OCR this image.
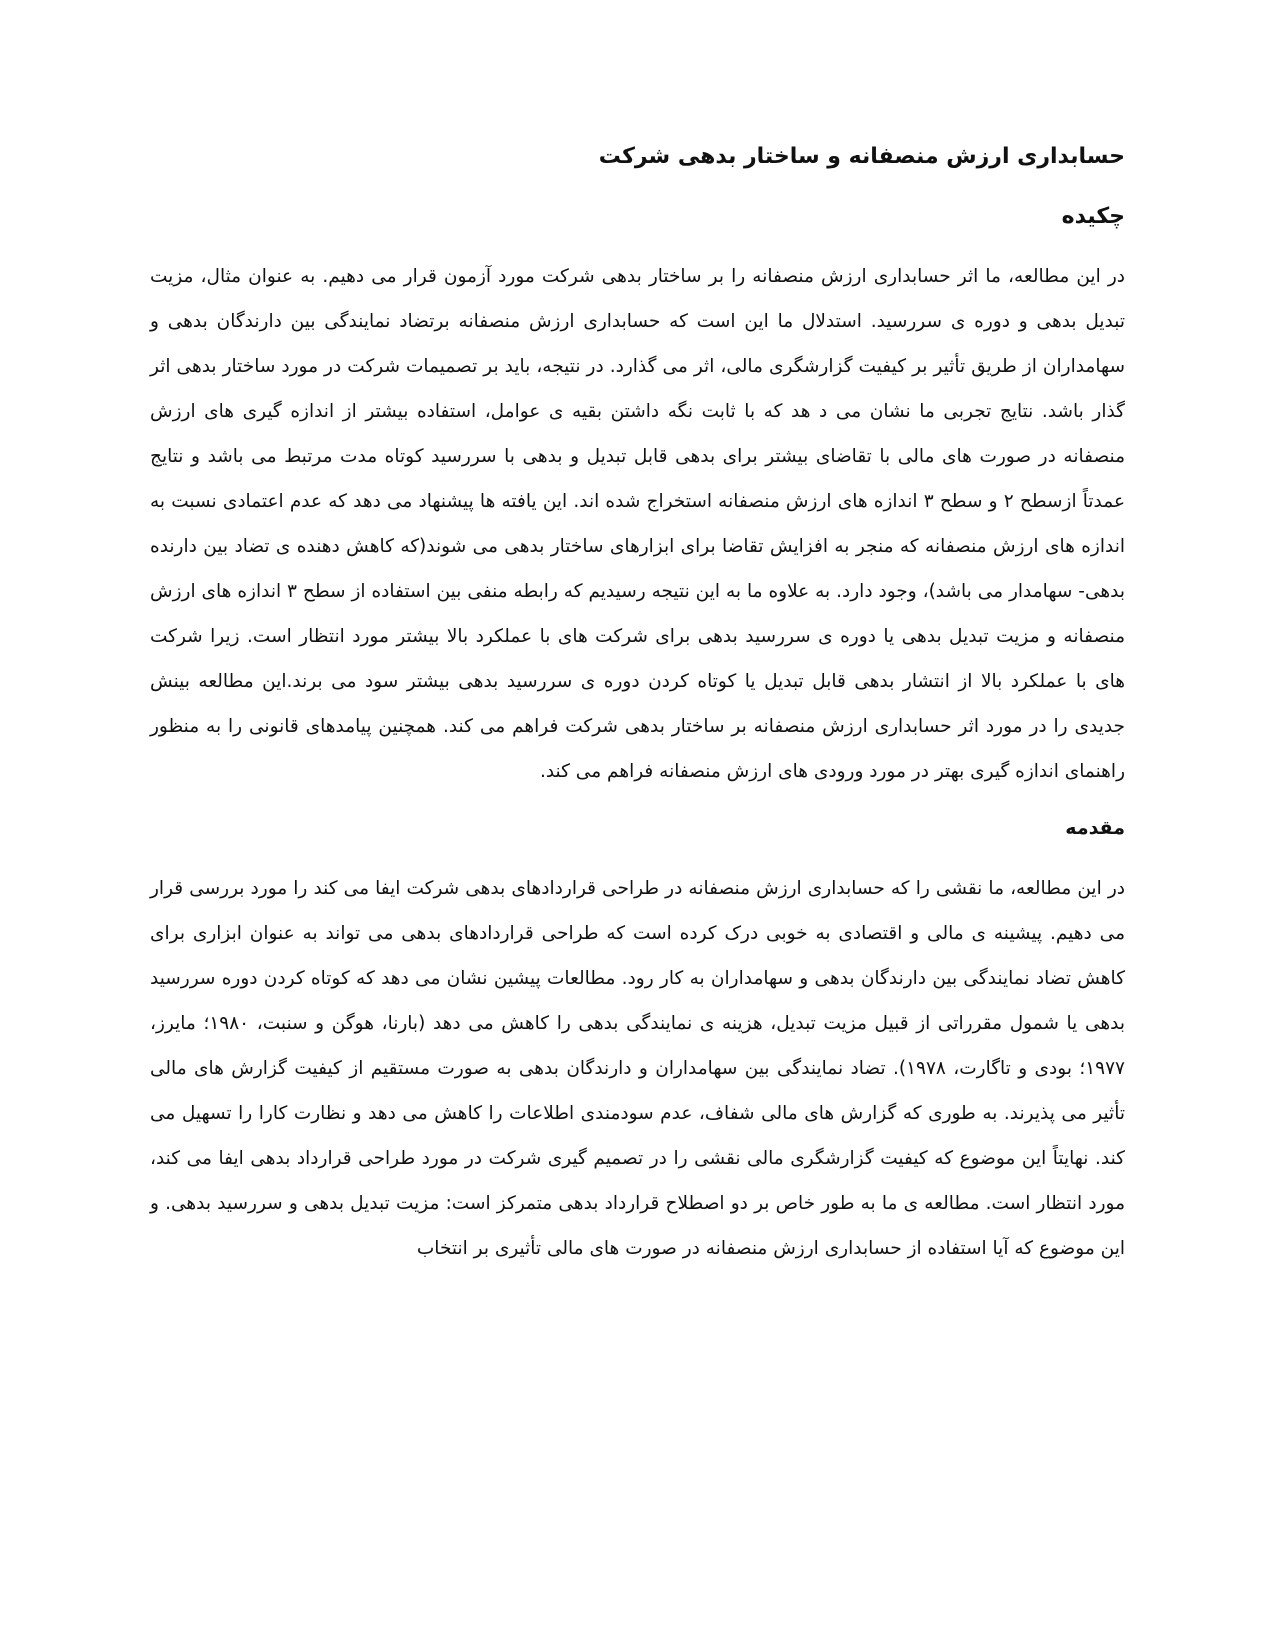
حسابداری ارزش منصفانه و ساختار بدهی شرکت
چکیده

در این مطالعه، ما اثر حسابداری ارزش منصفانه را بر ساختار بدهی شرکت مورد آزمون قرار می دهیم. به عنوان مثال، مزیت تبدیل بدهی و دوره ی سررسید. استدلال ما این است که حسابداری ارزش منصفانه برتضاد نمایندگی بین دارندگان بدهی و سهامداران از طریق تأثیر بر کیفیت گزارشگری مالی، اثر می گذارد. در نتیجه، باید بر تصمیمات شرکت در مورد ساختار بدهی اثر گذار باشد. نتایج تجربی ما نشان می د هد که با ثابت نگه داشتن بقیه ی عوامل، استفاده بیشتر از اندازه گیری های ارزش منصفانه در صورت های مالی با تقاضای بیشتر برای بدهی قابل تبدیل و بدهی با سررسید کوتاه مدت مرتبط می باشد و نتایج عمدتاً ازسطح ۲ و سطح ۳ اندازه های ارزش منصفانه استخراج شده اند. این یافته ها پیشنهاد می دهد که عدم اعتمادی نسبت به اندازه های ارزش منصفانه که منجر به افزایش تقاضا برای ابزارهای ساختار بدهی می شوند(که کاهش دهنده ی تضاد بین دارنده بدهی- سهامدار می باشد)، وجود دارد. به علاوه ما به این نتیجه رسیدیم که رابطه منفی بین استفاده از سطح ۳ اندازه های ارزش منصفانه و مزیت تبدیل بدهی یا دوره ی سررسید بدهی برای شرکت های با عملکرد بالا بیشتر مورد انتظار است. زیرا شرکت های با عملکرد بالا از انتشار بدهی قابل تبدیل یا کوتاه کردن دوره ی سررسید بدهی بیشتر سود می برند.این مطالعه بینش جدیدی را در مورد اثر حسابداری ارزش منصفانه بر ساختار بدهی شرکت فراهم می کند. همچنین پیامدهای قانونی را به منظور راهنمای اندازه گیری بهتر در مورد ورودی های ارزش منصفانه فراهم می کند.

مقدمه

در این مطالعه، ما نقشی را که حسابداری ارزش منصفانه در طراحی قراردادهای بدهی شرکت ایفا می کند را مورد بررسی قرار می دهیم. پیشینه ی مالی و اقتصادی به خوبی درک کرده است که طراحی قراردادهای بدهی می تواند به عنوان ابزاری برای کاهش تضاد نمایندگی بین دارندگان بدهی و سهامداران به کار رود. مطالعات پیشین نشان می دهد که کوتاه کردن دوره سررسید بدهی یا شمول مقرراتی از قبیل مزیت تبدیل، هزینه ی نمایندگی بدهی را کاهش می دهد (بارنا، هوگن و سنبت، ۱۹۸۰؛ مایرز، ۱۹۷۷؛ بودی و تاگارت، ۱۹۷۸). تضاد نمایندگی بین سهامداران و دارندگان بدهی به صورت مستقیم از کیفیت گزارش های مالی تأثیر می پذیرند. به طوری که گزارش های مالی شفاف، عدم سودمندی اطلاعات را کاهش می دهد و نظارت کارا را تسهیل می کند. نهایتاً این موضوع که کیفیت گزارشگری مالی نقشی را در تصمیم گیری شرکت در مورد طراحی قرارداد بدهی ایفا می کند، مورد انتظار است. مطالعه ی ما به طور خاص بر دو اصطلاح قرارداد بدهی متمرکز است: مزیت تبدیل بدهی و سررسید بدهی. و این موضوع که آیا استفاده از حسابداری ارزش منصفانه در صورت های مالی تأثیری بر انتخاب
